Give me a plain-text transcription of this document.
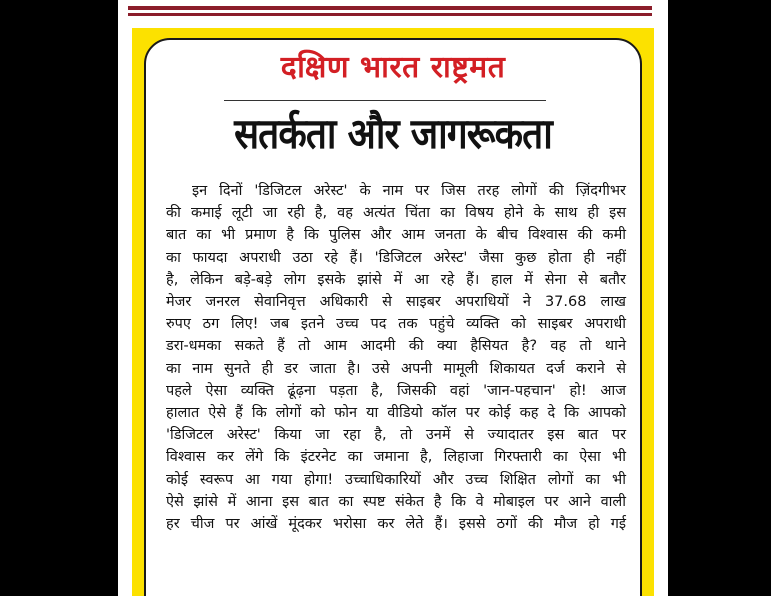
दक्षिण भारत राष्ट्रमत
सतर्कता और जागरूकता
इन दिनों 'डिजिटल अरेस्ट' के नाम पर जिस तरह लोगों की ज़िंदगीभर
की कमाई लूटी जा रही है, वह अत्यंत चिंता का विषय होने के साथ ही इस
बात का भी प्रमाण है कि पुलिस और आम जनता के बीच विश्वास की कमी
का फायदा अपराधी उठा रहे हैं। 'डिजिटल अरेस्ट' जैसा कुछ होता ही नहीं
है, लेकिन बड़े-बड़े लोग इसके झांसे में आ रहे हैं। हाल में सेना से बतौर
मेजर जनरल सेवानिवृत्त अधिकारी से साइबर अपराधियों ने 37.68 लाख
रुपए ठग लिए! जब इतने उच्च पद तक पहुंचे व्यक्ति को साइबर अपराधी
डरा-धमका सकते हैं तो आम आदमी की क्या हैसियत है? वह तो थाने
का नाम सुनते ही डर जाता है। उसे अपनी मामूली शिकायत दर्ज कराने से
पहले ऐसा व्यक्ति ढूंढ़ना पड़ता है, जिसकी वहां 'जान-पहचान' हो! आज
हालात ऐसे हैं कि लोगों को फोन या वीडियो कॉल पर कोई कह दे कि आपको
'डिजिटल अरेस्ट' किया जा रहा है, तो उनमें से ज्यादातर इस बात पर
विश्वास कर लेंगे कि इंटरनेट का जमाना है, लिहाजा गिरफ्तारी का ऐसा भी
कोई स्वरूप आ गया होगा! उच्चाधिकारियों और उच्च शिक्षित लोगों का भी
ऐसे झांसे में आना इस बात का स्पष्ट संकेत है कि वे मोबाइल पर आने वाली
हर चीज पर आंखें मूंदकर भरोसा कर लेते हैं। इससे ठगों की मौज हो गई
